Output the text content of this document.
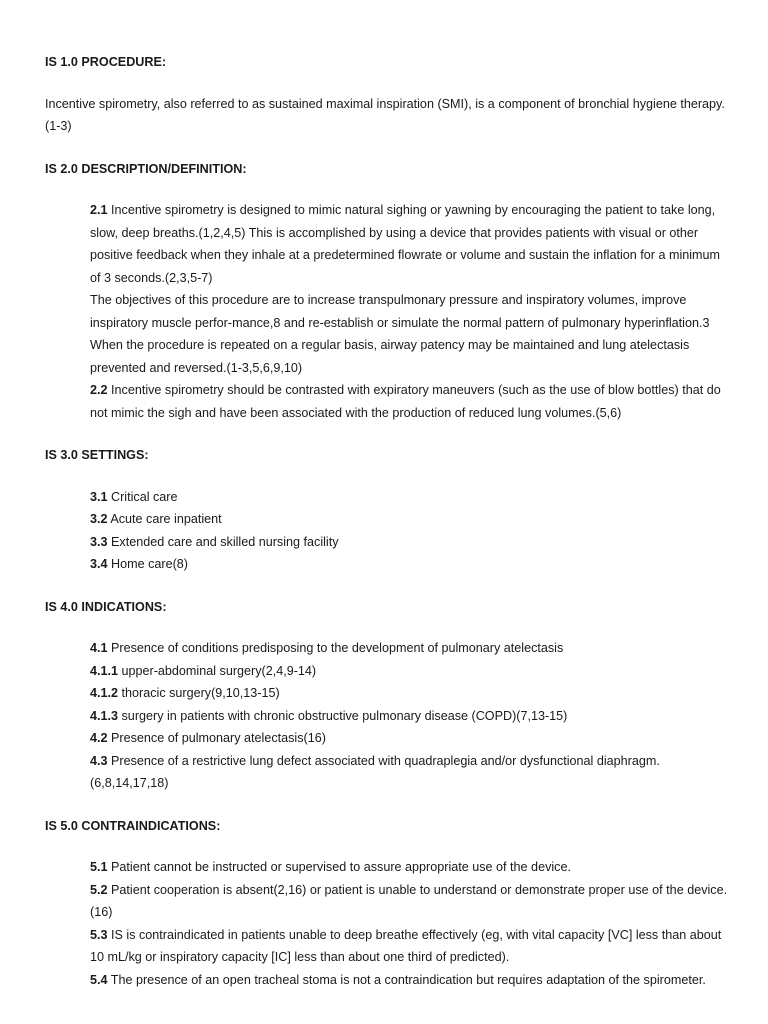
IS 1.0 PROCEDURE:

Incentive spirometry, also referred to as sustained maximal inspiration (SMI), is a component of bronchial hygiene therapy.(1-3)

IS 2.0 DESCRIPTION/DEFINITION:

2.1 Incentive spirometry is designed to mimic natural sighing or yawning by encouraging the patient to take long, slow, deep breaths.(1,2,4,5) This is accomplished by using a device that provides patients with visual or other positive feedback when they inhale at a predetermined flowrate or volume and sustain the inflation for a minimum of 3 seconds.(2,3,5-7)

The objectives of this procedure are to increase transpulmonary pressure and inspiratory volumes, improve inspiratory muscle perfor-mance,8 and re-establish or simulate the normal pattern of pulmonary hyperinflation.3 When the procedure is repeated on a regular basis, airway patency may be maintained and lung atelectasis prevented and reversed.(1-3,5,6,9,10)

2.2 Incentive spirometry should be contrasted with expiratory maneuvers (such as the use of blow bottles) that do not mimic the sigh and have been associated with the production of reduced lung volumes.(5,6)

IS 3.0 SETTINGS:

3.1 Critical care

3.2 Acute care inpatient

3.3 Extended care and skilled nursing facility

3.4 Home care(8)

IS 4.0 INDICATIONS:

4.1 Presence of conditions predisposing to the development of pulmonary atelectasis

4.1.1 upper-abdominal surgery(2,4,9-14)

4.1.2 thoracic surgery(9,10,13-15)

4.1.3 surgery in patients with chronic obstructive pulmonary disease (COPD)(7,13-15)

4.2 Presence of pulmonary atelectasis(16)

4.3 Presence of a restrictive lung defect associated with quadraplegia and/or dysfunctional diaphragm.(6,8,14,17,18)

IS 5.0 CONTRAINDICATIONS:

5.1 Patient cannot be instructed or supervised to assure appropriate use of the device.

5.2 Patient cooperation is absent(2,16) or patient is unable to understand or demonstrate proper use of the device.(16)

5.3 IS is contraindicated in patients unable to deep breathe effectively (eg, with vital capacity [VC] less than about 10 mL/kg or inspiratory capacity [IC] less than about one third of predicted).

5.4 The presence of an open tracheal stoma is not a contraindication but requires adaptation of the spirometer.
